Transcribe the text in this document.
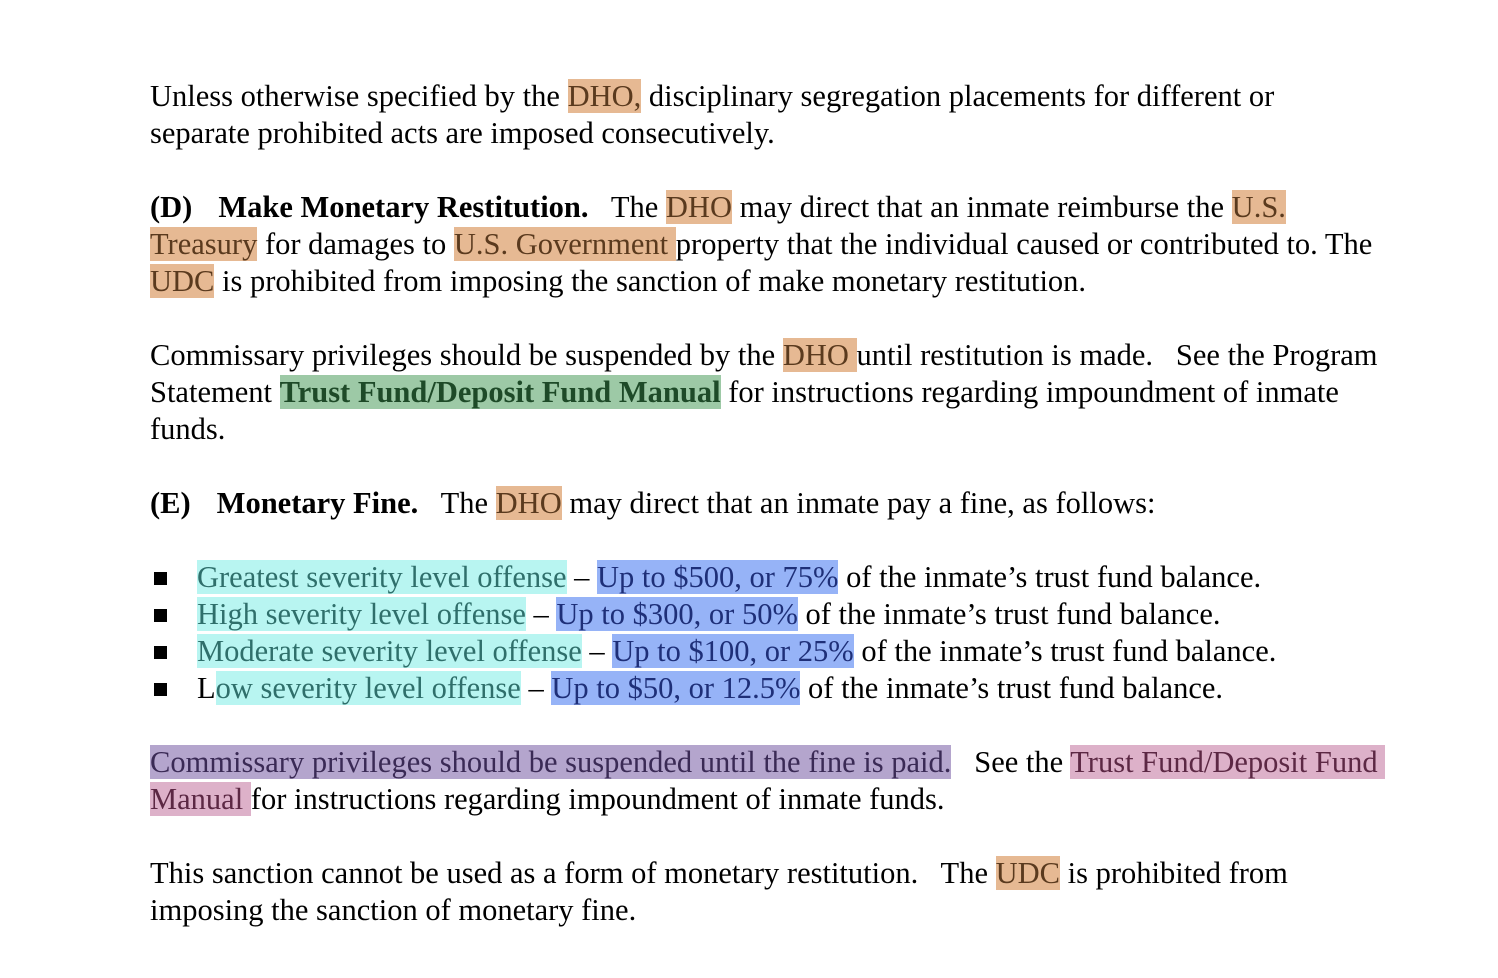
Unless otherwise specified by the DHO, disciplinary segregation placements for different or separate prohibited acts are imposed consecutively.

(D) Make Monetary Restitution. The DHO may direct that an inmate reimburse the U.S. Treasury for damages to U.S. Government property that the individual caused or contributed to. The UDC is prohibited from imposing the sanction of make monetary restitution.

Commissary privileges should be suspended by the DHO until restitution is made.   See the Program Statement Trust Fund/Deposit Fund Manual for instructions regarding impoundment of inmate funds.

(E) Monetary Fine. The DHO may direct that an inmate pay a fine, as follows:

Greatest severity level offense – Up to $500, or 75% of the inmate’s trust fund balance.
High severity level offense – Up to $300, or 50% of the inmate’s trust fund balance.
Moderate severity level offense – Up to $100, or 25% of the inmate’s trust fund balance.
Low severity level offense – Up to $50, or 12.5% of the inmate’s trust fund balance.

Commissary privileges should be suspended until the fine is paid.   See the Trust Fund/Deposit Fund Manual for instructions regarding impoundment of inmate funds.

This sanction cannot be used as a form of monetary restitution.   The UDC is prohibited from imposing the sanction of monetary fine.
